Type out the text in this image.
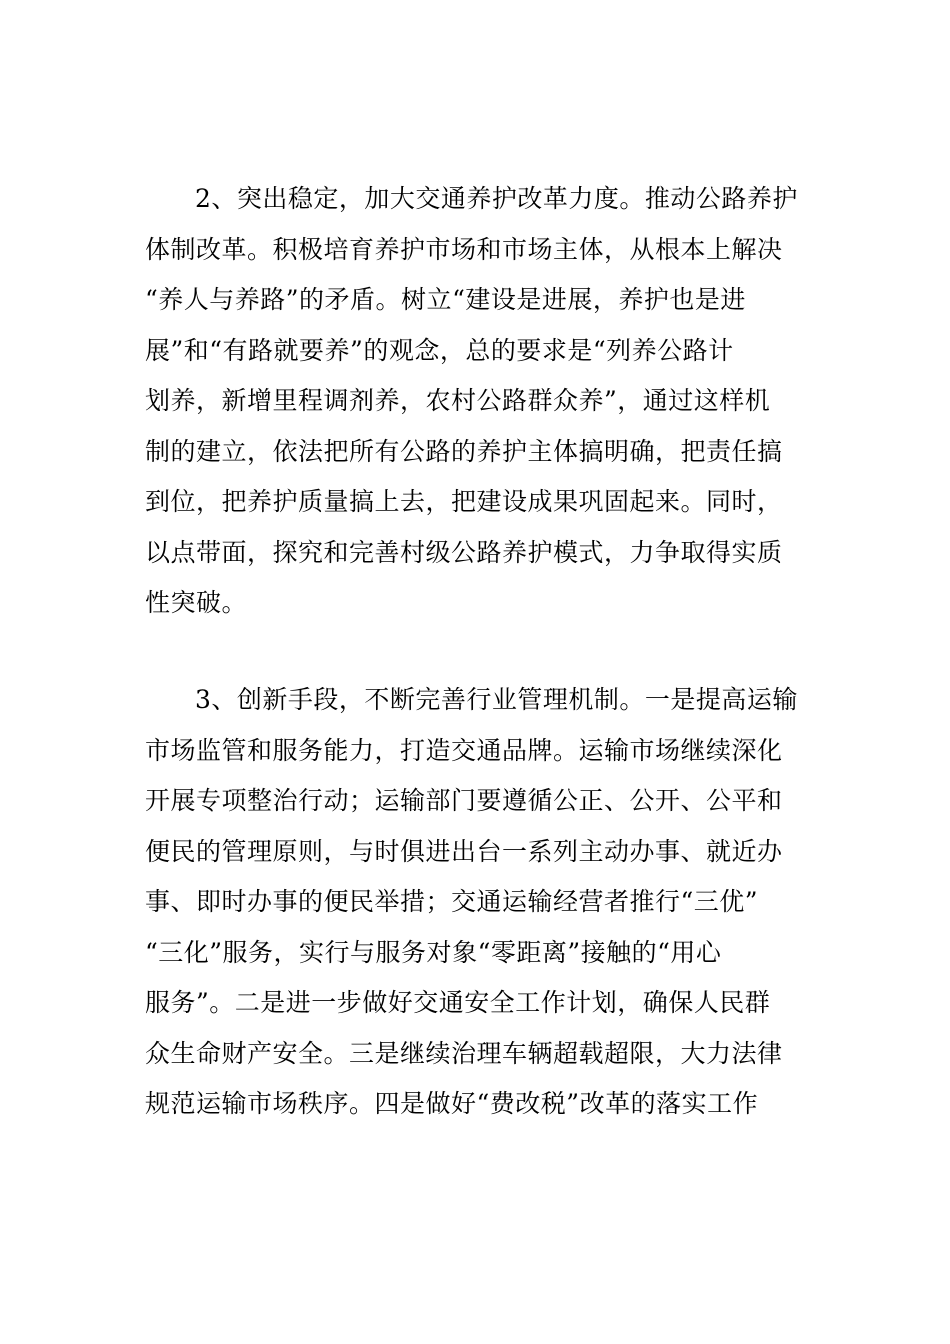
2、突出稳定，加大交通养护改革力度。推动公路养护
体制改革。积极培育养护市场和市场主体，从根本上解决
“养人与养路”的矛盾。树立“建设是进展，养护也是进
展”和“有路就要养”的观念，总的要求是“列养公路计
划养，新增里程调剂养，农村公路群众养”，通过这样机
制的建立，依法把所有公路的养护主体搞明确，把责任搞
到位，把养护质量搞上去，把建设成果巩固起来。同时，
以点带面，探究和完善村级公路养护模式，力争取得实质
性突破。
3、创新手段，不断完善行业管理机制。一是提高运输
市场监管和服务能力，打造交通品牌。运输市场继续深化
开展专项整治行动；运输部门要遵循公正、公开、公平和
便民的管理原则，与时俱进出台一系列主动办事、就近办
事、即时办事的便民举措；交通运输经营者推行“三优”
“三化”服务，实行与服务对象“零距离”接触的“用心
服务”。二是进一步做好交通安全工作计划，确保人民群
众生命财产安全。三是继续治理车辆超载超限，大力法律
规范运输市场秩序。四是做好“费改税”改革的落实工作
